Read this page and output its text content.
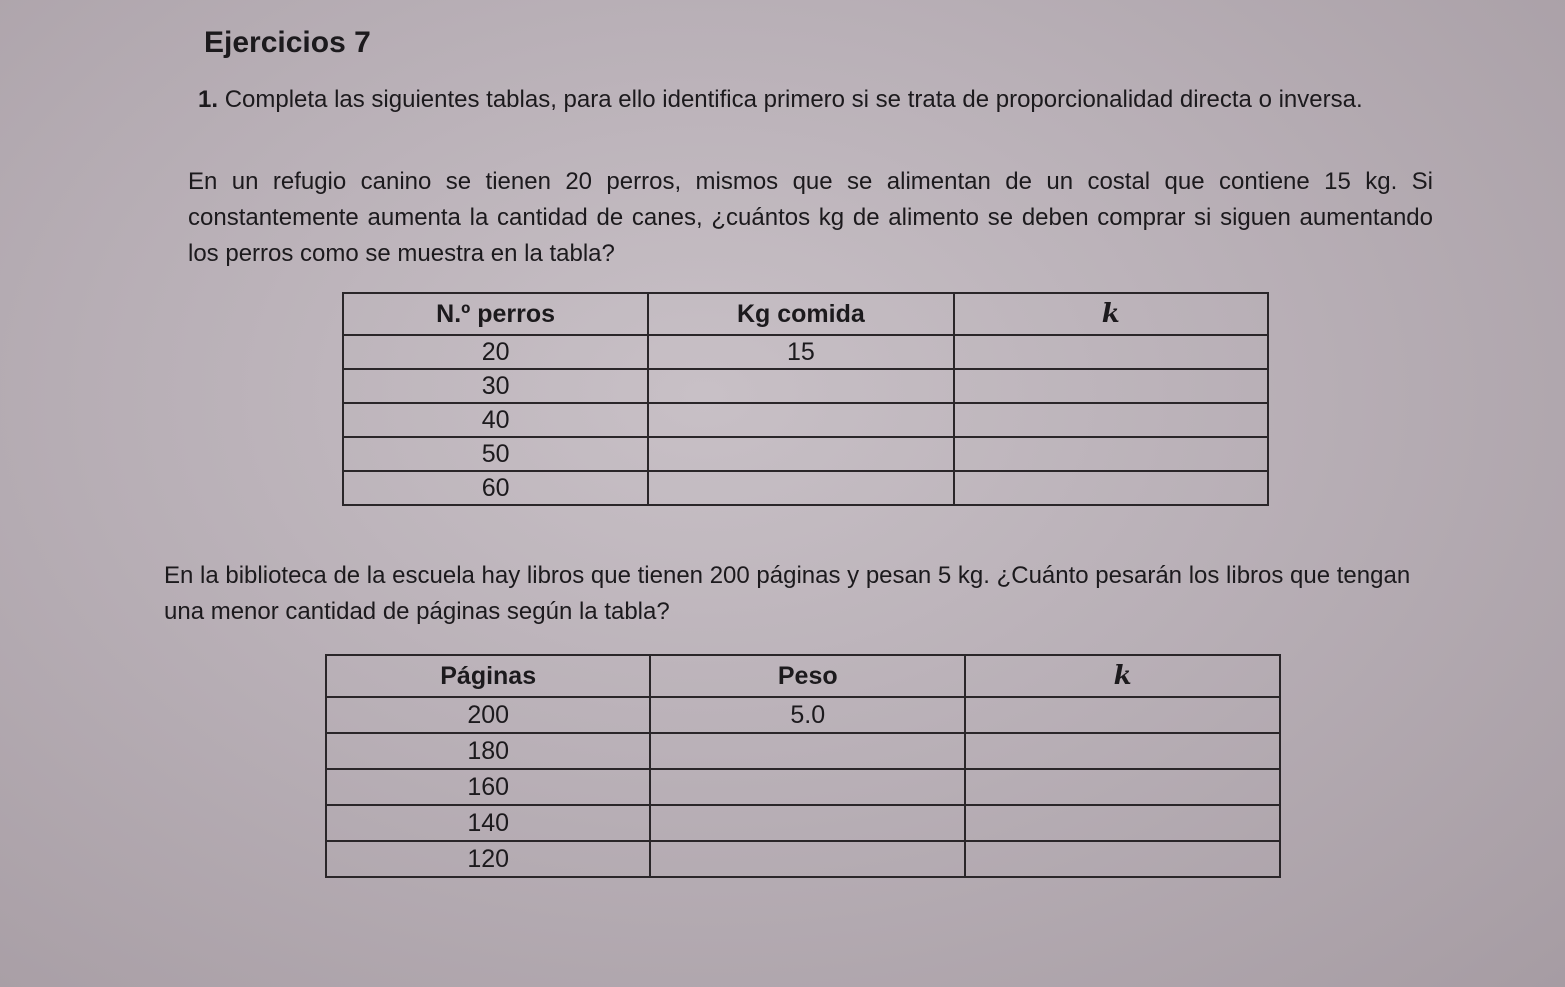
Ejercicios 7

1. Completa las siguientes tablas, para ello identifica primero si se trata de proporcionalidad directa o inversa.

En un refugio canino se tienen 20 perros, mismos que se alimentan de un costal que contiene 15 kg. Si constantemente aumenta la cantidad de canes, ¿cuántos kg de alimento se deben comprar si siguen aumentando los perros como se muestra en la tabla?

N.º perros	Kg comida	k
20	15	
30		
40		
50		
60		

En la biblioteca de la escuela hay libros que tienen 200 páginas y pesan 5 kg. ¿Cuánto pesarán los libros que tengan una menor cantidad de páginas según la tabla?

Páginas	Peso	k
200	5.0	
180		
160		
140		
120		
